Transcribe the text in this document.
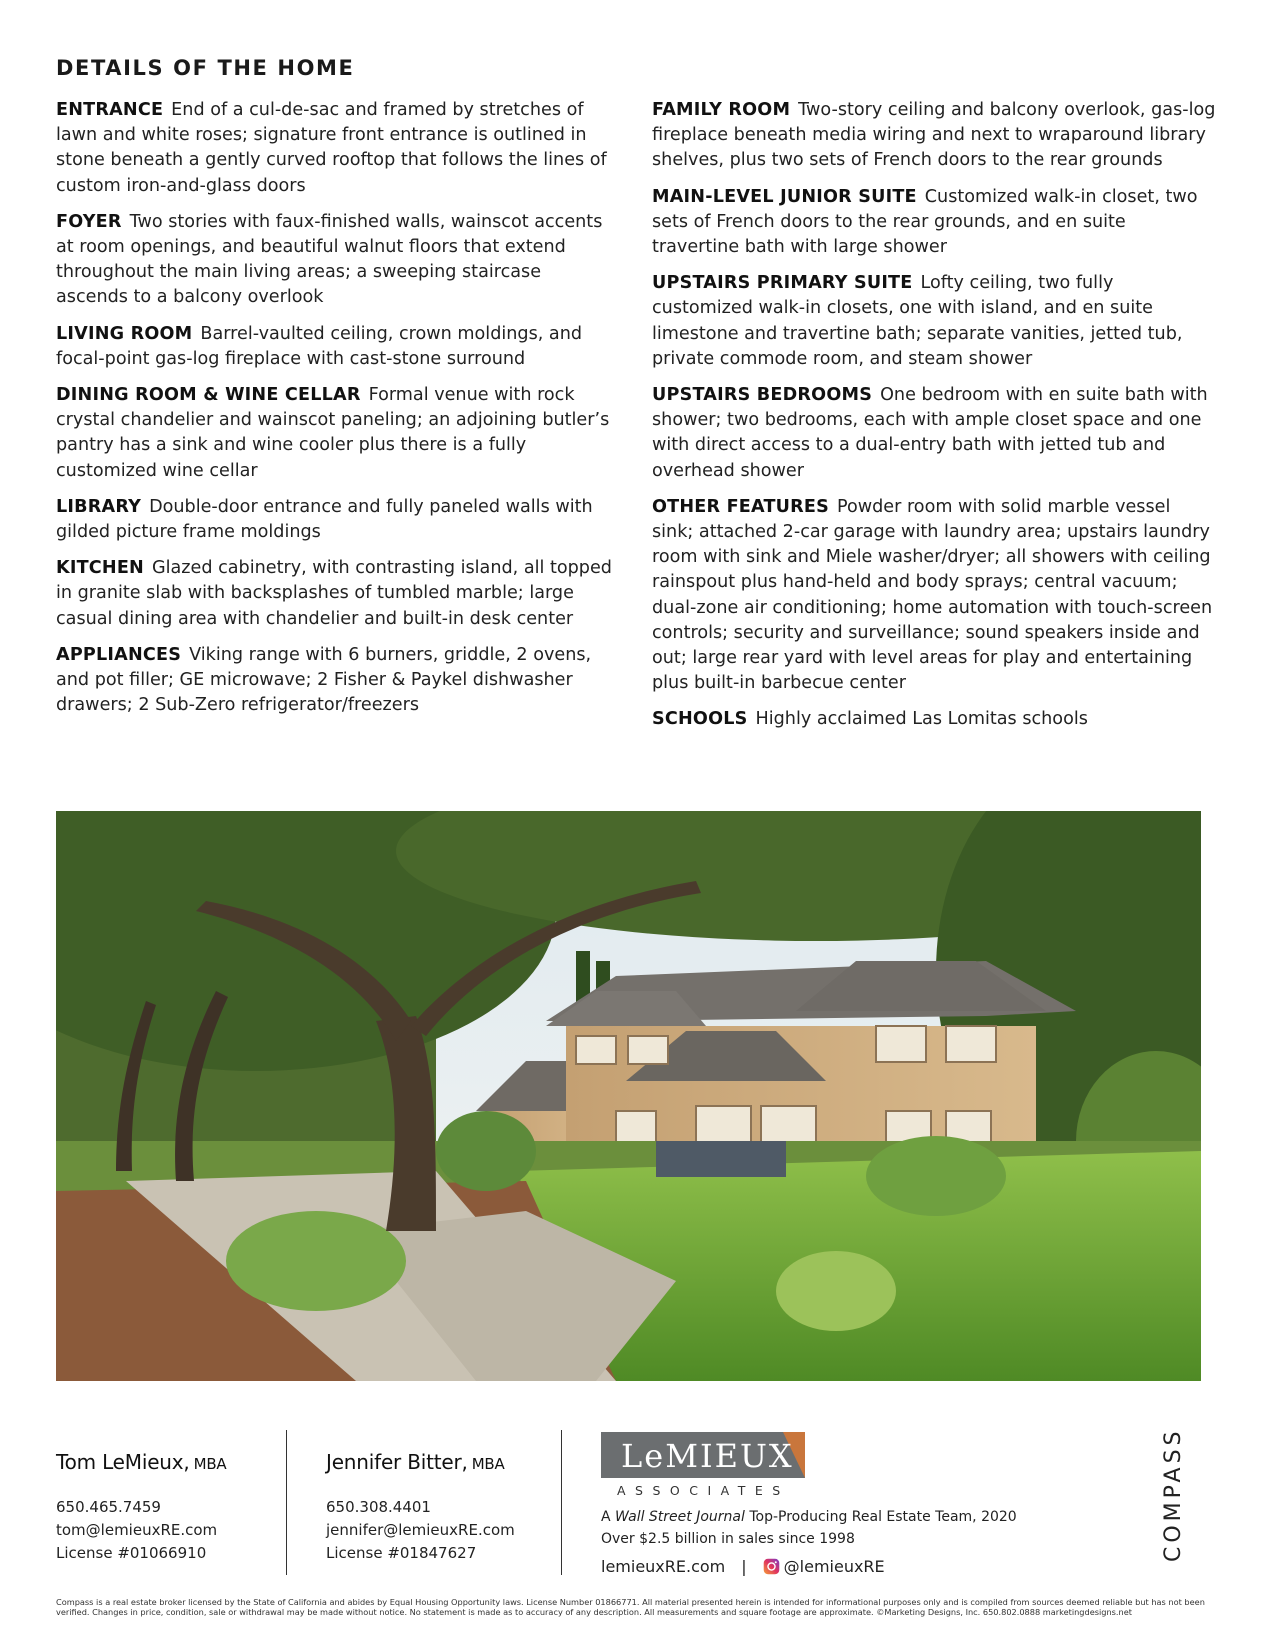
DETAILS OF THE HOME

ENTRANCE End of a cul-de-sac and framed by stretches of lawn and white roses; signature front entrance is outlined in stone beneath a gently curved rooftop that follows the lines of custom iron-and-glass doors

FOYER Two stories with faux-finished walls, wainscot accents at room openings, and beautiful walnut floors that extend throughout the main living areas; a sweeping staircase ascends to a balcony overlook

LIVING ROOM Barrel-vaulted ceiling, crown moldings, and focal-point gas-log fireplace with cast-stone surround

DINING ROOM & WINE CELLAR Formal venue with rock crystal chandelier and wainscot paneling; an adjoining butler’s pantry has a sink and wine cooler plus there is a fully customized wine cellar

LIBRARY Double-door entrance and fully paneled walls with gilded picture frame moldings

KITCHEN Glazed cabinetry, with contrasting island, all topped in granite slab with backsplashes of tumbled marble; large casual dining area with chandelier and built-in desk center

APPLIANCES Viking range with 6 burners, griddle, 2 ovens, and pot filler; GE microwave; 2 Fisher & Paykel dishwasher drawers; 2 Sub-Zero refrigerator/freezers

FAMILY ROOM Two-story ceiling and balcony overlook, gas-log fireplace beneath media wiring and next to wraparound library shelves, plus two sets of French doors to the rear grounds

MAIN-LEVEL JUNIOR SUITE Customized walk-in closet, two sets of French doors to the rear grounds, and en suite travertine bath with large shower

UPSTAIRS PRIMARY SUITE Lofty ceiling, two fully customized walk-in closets, one with island, and en suite limestone and travertine bath; separate vanities, jetted tub, private commode room, and steam shower

UPSTAIRS BEDROOMS One bedroom with en suite bath with shower; two bedrooms, each with ample closet space and one with direct access to a dual-entry bath with jetted tub and overhead shower

OTHER FEATURES Powder room with solid marble vessel sink; attached 2-car garage with laundry area; upstairs laundry room with sink and Miele washer/dryer; all showers with ceiling rainspout plus hand-held and body sprays; central vacuum; dual-zone air conditioning; home automation with touch-screen controls; security and surveillance; sound speakers inside and out; large rear yard with level areas for play and entertaining plus built-in barbecue center

SCHOOLS Highly acclaimed Las Lomitas schools

Tom LeMieux, MBA
650.465.7459
tom@lemieuxRE.com
License #01066910
Jennifer Bitter, MBA
650.308.4401
jennifer@lemieuxRE.com
License #01847627
LeMIEUX
ASSOCIATES
A Wall Street Journal Top-Producing Real Estate Team, 2020
Over $2.5 billion in sales since 1998
lemieuxRE.com | @lemieuxRE
COMPASS

Compass is a real estate broker licensed by the State of California and abides by Equal Housing Opportunity laws. License Number 01866771. All material presented herein is intended for informational purposes only and is compiled from sources deemed reliable but has not been verified. Changes in price, condition, sale or withdrawal may be made without notice. No statement is made as to accuracy of any description. All measurements and square footage are approximate. ©Marketing Designs, Inc. 650.802.0888 marketingdesigns.net
